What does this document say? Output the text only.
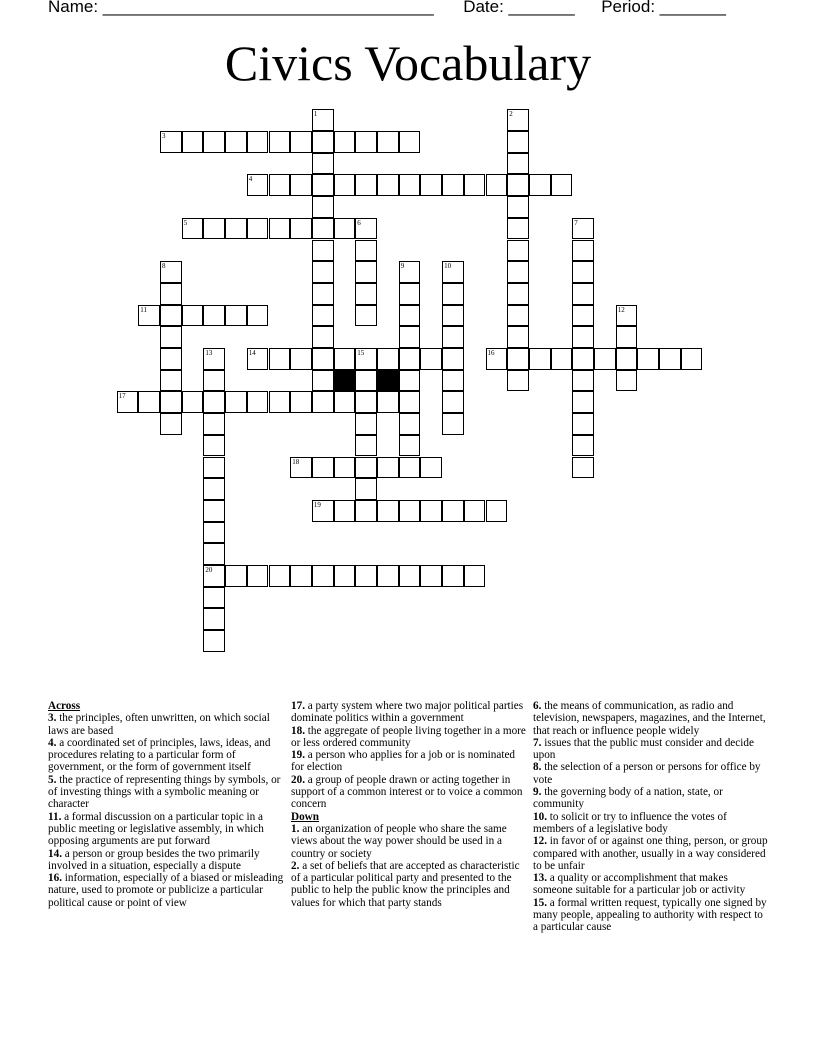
Name: ___________________________________ Date: _______ Period: _______
Civics Vocabulary
3
4
5
11
14	16
17
18
19
20
1	2
6	7
8	9	10
12
13	15
Across
3. the principles, often unwritten, on which social laws are based
4. a coordinated set of principles, laws, ideas, and procedures relating to a particular form of government, or the form of government itself
5. the practice of representing things by symbols, or of investing things with a symbolic meaning or character
11. a formal discussion on a particular topic in a public meeting or legislative assembly, in which opposing arguments are put forward
14. a person or group besides the two primarily involved in a situation, especially a dispute
16. information, especially of a biased or misleading nature, used to promote or publicize a particular political cause or point of view
17. a party system where two major political parties dominate politics within a government
18. the aggregate of people living together in a more or less ordered community
19. a person who applies for a job or is nominated for election
20. a group of people drawn or acting together in support of a common interest or to voice a common concern
Down
1. an organization of people who share the same views about the way power should be used in a country or society
2. a set of beliefs that are accepted as characteristic of a particular political party and presented to the public to help the public know the principles and values for which that party stands
6. the means of communication, as radio and television, newspapers, magazines, and the Internet, that reach or influence people widely
7. issues that the public must consider and decide upon
8. the selection of a person or persons for office by vote
9. the governing body of a nation, state, or community
10. to solicit or try to influence the votes of members of a legislative body
12. in favor of or against one thing, person, or group compared with another, usually in a way considered to be unfair
13. a quality or accomplishment that makes someone suitable for a particular job or activity
15. a formal written request, typically one signed by many people, appealing to authority with respect to a particular cause
